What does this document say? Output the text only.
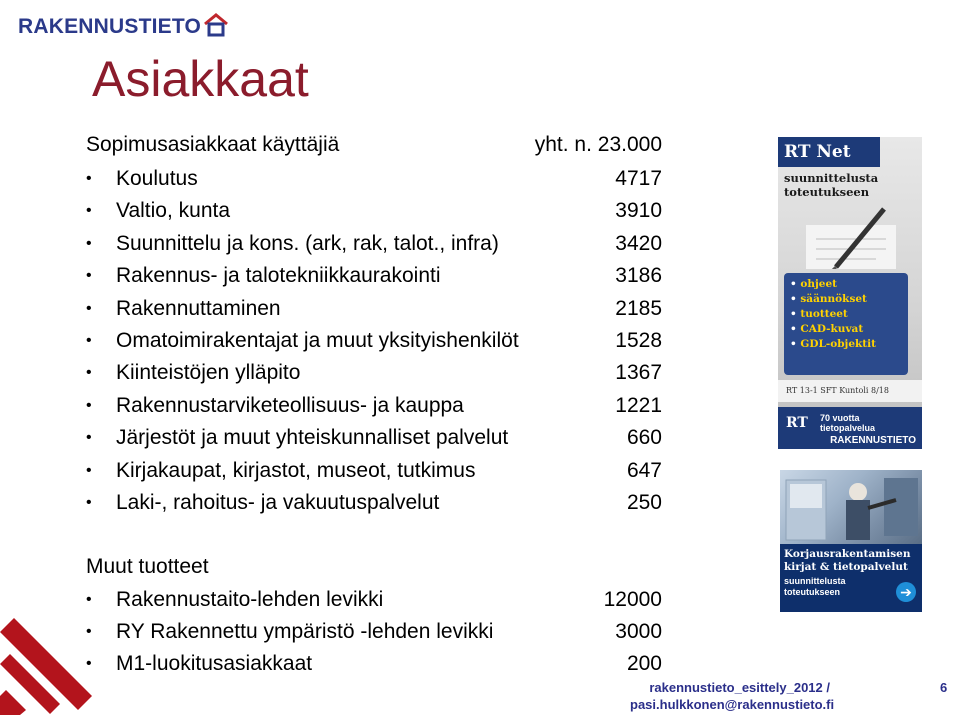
RAKENNUSTIETO
Asiakkaat
Sopimusasiakkaat käyttäjiä	yht. n. 23.000
•	Koulutus	4717
•	Valtio, kunta	3910
•	Suunnittelu ja kons. (ark, rak, talot., infra)	3420
•	Rakennus- ja talotekniikkaurakointi	3186
•	Rakennuttaminen	2185
•	Omatoimirakentajat ja muut yksityishenkilöt	1528
•	Kiinteistöjen ylläpito	1367
•	Rakennustarviketeollisuus- ja kauppa	1221
•	Järjestöt ja muut yhteiskunnalliset palvelut	660
•	Kirjakaupat, kirjastot, museot, tutkimus	647
•	Laki-, rahoitus- ja vakuutuspalvelut	250
Muut tuotteet
•	Rakennustaito-lehden levikki	12000
•	RY Rakennettu ympäristö -lehden levikki	3000
•	M1-luokitusasiakkaat	200
RT Net
suunnittelusta
toteutukseen
• ohjeet
• säännökset
• tuotteet
• CAD-kuvat
• GDL-objektit
RT 13-1 SFT Kuntoli 8/18
RT 70 vuotta
tietopalvelua
RAKENNUSTIETO
Korjausrakentamisen
kirjat & tietopalvelut
suunnittelusta
toteutukseen	➔
rakennustieto_esittely_2012 /
pasi.hulkkonen@rakennustieto.fi
6
